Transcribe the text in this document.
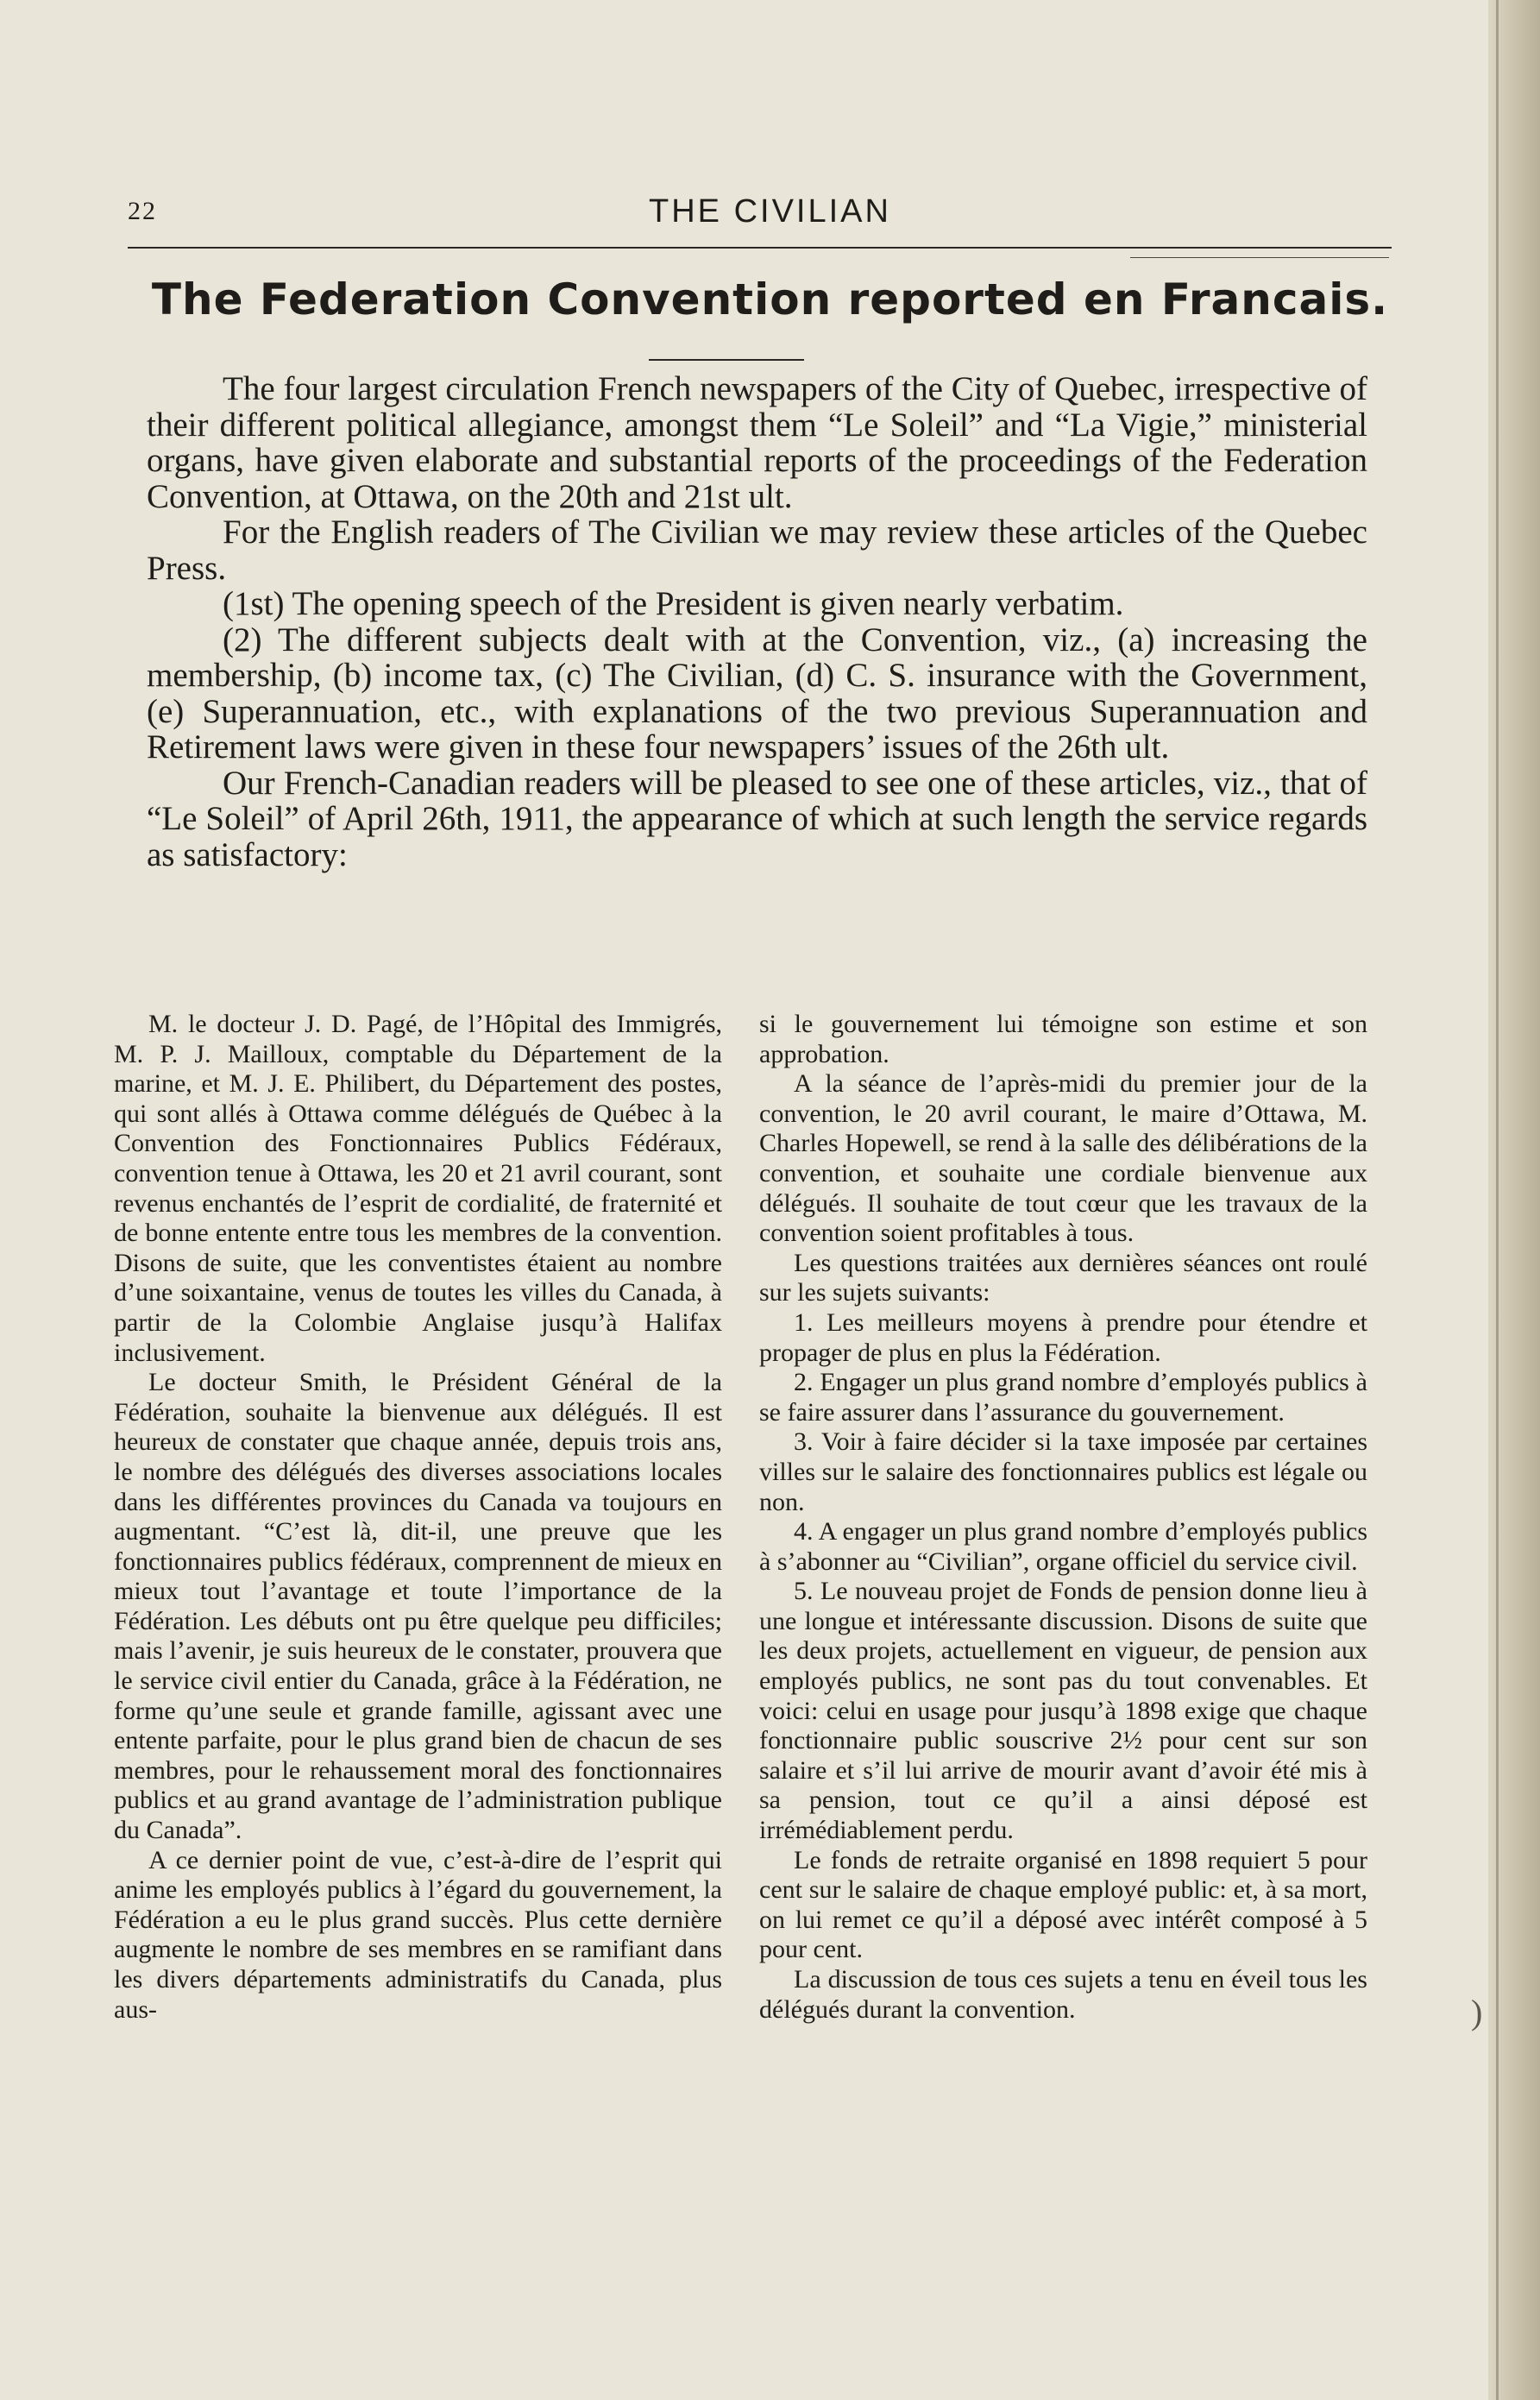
22	THE CIVILIAN
The Federation Convention reported en Francais.

The four largest circulation French newspapers of the City of Quebec, irrespective of their different political allegiance, amongst them “Le Soleil” and “La Vigie,” ministerial organs, have given elaborate and substantial reports of the proceedings of the Federation Convention, at Ottawa, on the 20th and 21st ult.

For the English readers of The Civilian we may review these articles of the Quebec Press.

(1st) The opening speech of the President is given nearly verbatim.

(2) The different subjects dealt with at the Convention, viz., (a) increasing the membership, (b) income tax, (c) The Civilian, (d) C. S. insurance with the Government, (e) Superannuation, etc., with explanations of the two previous Superannuation and Retirement laws were given in these four newspapers’ issues of the 26th ult.

Our French-Canadian readers will be pleased to see one of these articles, viz., that of “Le Soleil” of April 26th, 1911, the appearance of which at such length the service regards as satisfactory:

M. le docteur J. D. Pagé, de l’Hôpital des Immigrés, M. P. J. Mailloux, comptable du Département de la marine, et M. J. E. Philibert, du Département des postes, qui sont allés à Ottawa comme délégués de Québec à la Convention des Fonctionnaires Publics Fédéraux, convention tenue à Ottawa, les 20 et 21 avril courant, sont revenus enchantés de l’esprit de cordialité, de fraternité et de bonne entente entre tous les membres de la convention. Disons de suite, que les conventistes étaient au nombre d’une soixantaine, venus de toutes les villes du Canada, à partir de la Colombie Anglaise jusqu’à Halifax inclusivement.

Le docteur Smith, le Président Général de la Fédération, souhaite la bienvenue aux délégués. Il est heureux de constater que chaque année, depuis trois ans, le nombre des délégués des diverses associations locales dans les différentes provinces du Canada va toujours en augmentant. “C’est là, dit-il, une preuve que les fonctionnaires publics fédéraux, comprennent de mieux en mieux tout l’avantage et toute l’importance de la Fédération. Les débuts ont pu être quelque peu difficiles; mais l’avenir, je suis heureux de le constater, prouvera que le service civil entier du Canada, grâce à la Fédération, ne forme qu’une seule et grande famille, agissant avec une entente parfaite, pour le plus grand bien de chacun de ses membres, pour le rehaussement moral des fonctionnaires publics et au grand avantage de l’administration publique du Canada”.

A ce dernier point de vue, c’est-à-dire de l’esprit qui anime les employés publics à l’égard du gouvernement, la Fédération a eu le plus grand succès. Plus cette dernière augmente le nombre de ses membres en se ramifiant dans les divers départements administratifs du Canada, plus aus-

si le gouvernement lui témoigne son estime et son approbation.

A la séance de l’après-midi du premier jour de la convention, le 20 avril courant, le maire d’Ottawa, M. Charles Hopewell, se rend à la salle des délibérations de la convention, et souhaite une cordiale bienvenue aux délégués. Il souhaite de tout cœur que les travaux de la convention soient profitables à tous.

Les questions traitées aux dernières séances ont roulé sur les sujets suivants:

1. Les meilleurs moyens à prendre pour étendre et propager de plus en plus la Fédération.

2. Engager un plus grand nombre d’employés publics à se faire assurer dans l’assurance du gouvernement.

3. Voir à faire décider si la taxe imposée par certaines villes sur le salaire des fonctionnaires publics est légale ou non.

4. A engager un plus grand nombre d’employés publics à s’abonner au “Civilian”, organe officiel du service civil.

5. Le nouveau projet de Fonds de pension donne lieu à une longue et intéressante discussion. Disons de suite que les deux projets, actuellement en vigueur, de pension aux employés publics, ne sont pas du tout convenables. Et voici: celui en usage pour jusqu’à 1898 exige que chaque fonctionnaire public souscrive 2½ pour cent sur son salaire et s’il lui arrive de mourir avant d’avoir été mis à sa pension, tout ce qu’il a ainsi déposé est irrémédiablement perdu.

Le fonds de retraite organisé en 1898 requiert 5 pour cent sur le salaire de chaque employé public: et, à sa mort, on lui remet ce qu’il a déposé avec intérêt composé à 5 pour cent.

La discussion de tous ces sujets a tenu en éveil tous les délégués durant la convention.	)
